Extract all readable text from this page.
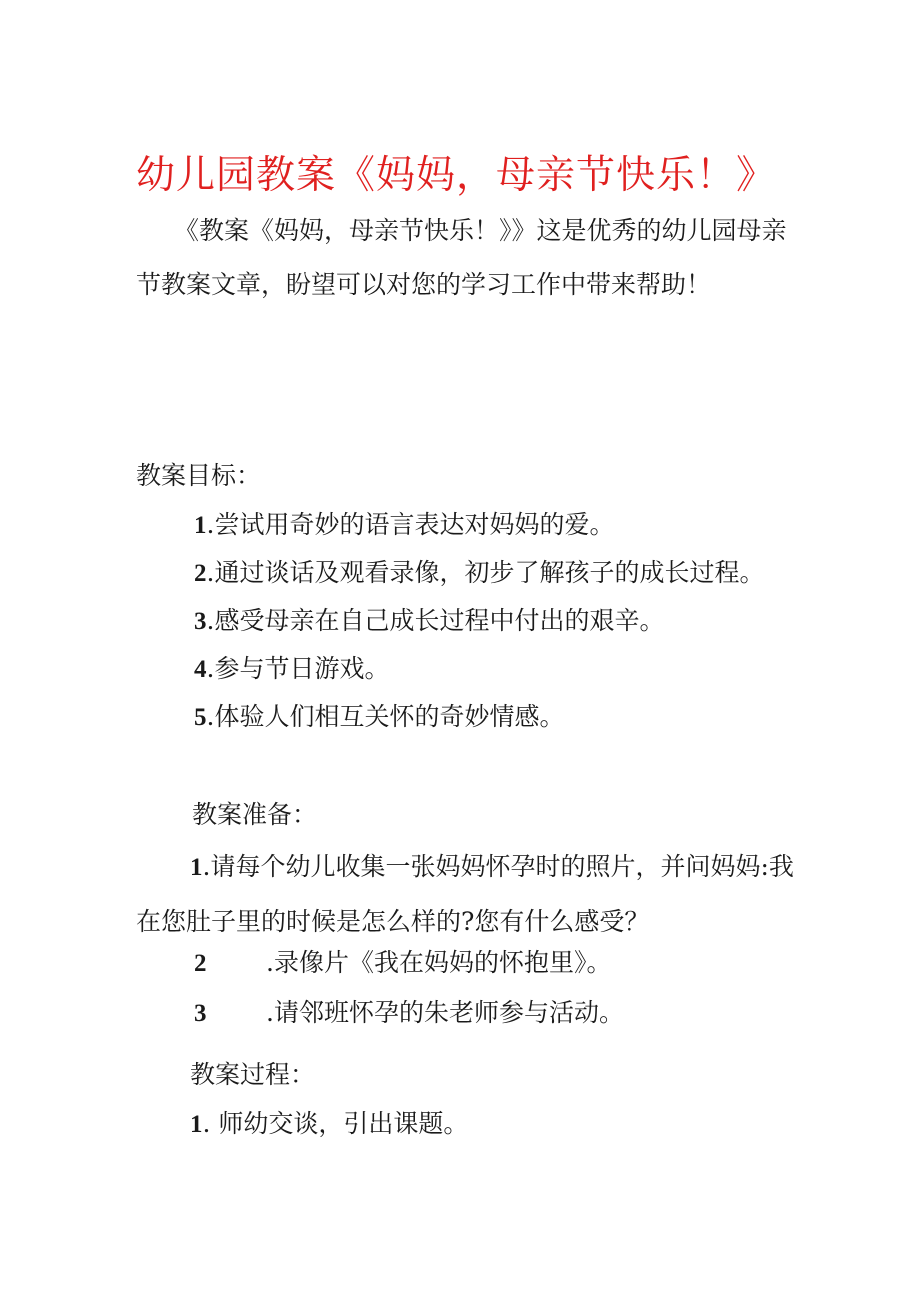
幼儿园教案《妈妈，母亲节快乐！》

《教案《妈妈，母亲节快乐！》》这是优秀的幼儿园母亲节教案文章，盼望可以对您的学习工作中带来帮助！

教案目标：

1.尝试用奇妙的语言表达对妈妈的爱。

2.通过谈话及观看录像，初步了解孩子的成长过程。

3.感受母亲在自己成长过程中付出的艰辛。

4.参与节日游戏。

5.体验人们相互关怀的奇妙情感。

教案准备：

1.请每个幼儿收集一张妈妈怀孕时的照片，并问妈妈:我在您肚子里的时候是怎么样的?您有什么感受？

2 .录像片《我在妈妈的怀抱里》。

3 .请邻班怀孕的朱老师参与活动。

教案过程：

1. 师幼交谈，引出课题。
